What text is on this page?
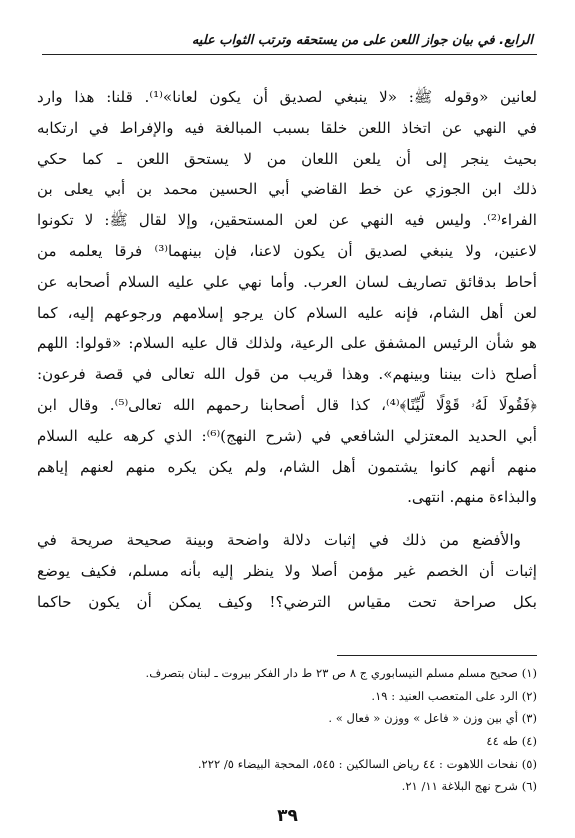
الرابع. في بيان جواز اللعن على من يستحقه وترتب الثواب عليه
لعانين «وقوله ﷺ: «لا ينبغي لصديق أن يكون لعانا»⁽¹⁾. قلنا: هذا وارد
في النهي عن اتخاذ اللعن خلقا بسبب المبالغة فيه والإفراط في ارتكابه
بحيث ينجر إلى أن يلعن اللعان من لا يستحق اللعن ـ كما حكي
ذلك ابن الجوزي عن خط القاضي أبي الحسين محمد بن أبي يعلى بن
الفراء⁽²⁾. وليس فيه النهي عن لعن المستحقين، وإلا لقال ﷺ: لا تكونوا
لاعنين، ولا ينبغي لصديق أن يكون لاعنا، فإن بينهما⁽³⁾ فرقا يعلمه من
أحاط بدقائق تصاريف لسان العرب. وأما نهي علي عليه السلام أصحابه عن
لعن أهل الشام، فإنه عليه السلام كان يرجو إسلامهم ورجوعهم إليه، كما
هو شأن الرئيس المشفق على الرعية، ولذلك قال عليه السلام: «قولوا: اللهم
أصلح ذات بيننا وبينهم». وهذا قريب من قول الله تعالى في قصة فرعون:
﴿فَقُولَا لَهُۥ قَوْلًا لَّيِّنًا﴾⁽⁴⁾، كذا قال أصحابنا رحمهم الله تعالى⁽⁵⁾. وقال ابن
أبي الحديد المعتزلي الشافعي في (شرح النهج)⁽⁶⁾: الذي كرهه عليه السلام
منهم أنهم كانوا يشتمون أهل الشام، ولم يكن يكره منهم لعنهم إياهم
والبذاءة منهم. انتهى.
والأفضع من ذلك في إثبات دلالة واضحة وبينة صحيحة صريحة في
إثبات أن الخصم غير مؤمن أصلا ولا ينظر إليه بأنه مسلم، فكيف يوضع
بكل صراحة تحت مقياس الترضي؟! وكيف يمكن أن يكون حاكما
(١) صحيح مسلم مسلم النيسابوري ج ٨ ص ٢٣ ط دار الفكر بيروت ـ لبنان بتصرف.
(٢) الرد على المتعصب العنيد : ١٩.
(٣) أي بين وزن « فاعل » ووزن « فعال » .
(٤) طه ٤٤
(٥) نفحات اللاهوت : ٤٤ رياض السالكين : ٥٤٥، المحجة البيضاء ٥/ ٢٢٢.
(٦) شرح نهج البلاغة ١١/ ٢١.
٣٩
